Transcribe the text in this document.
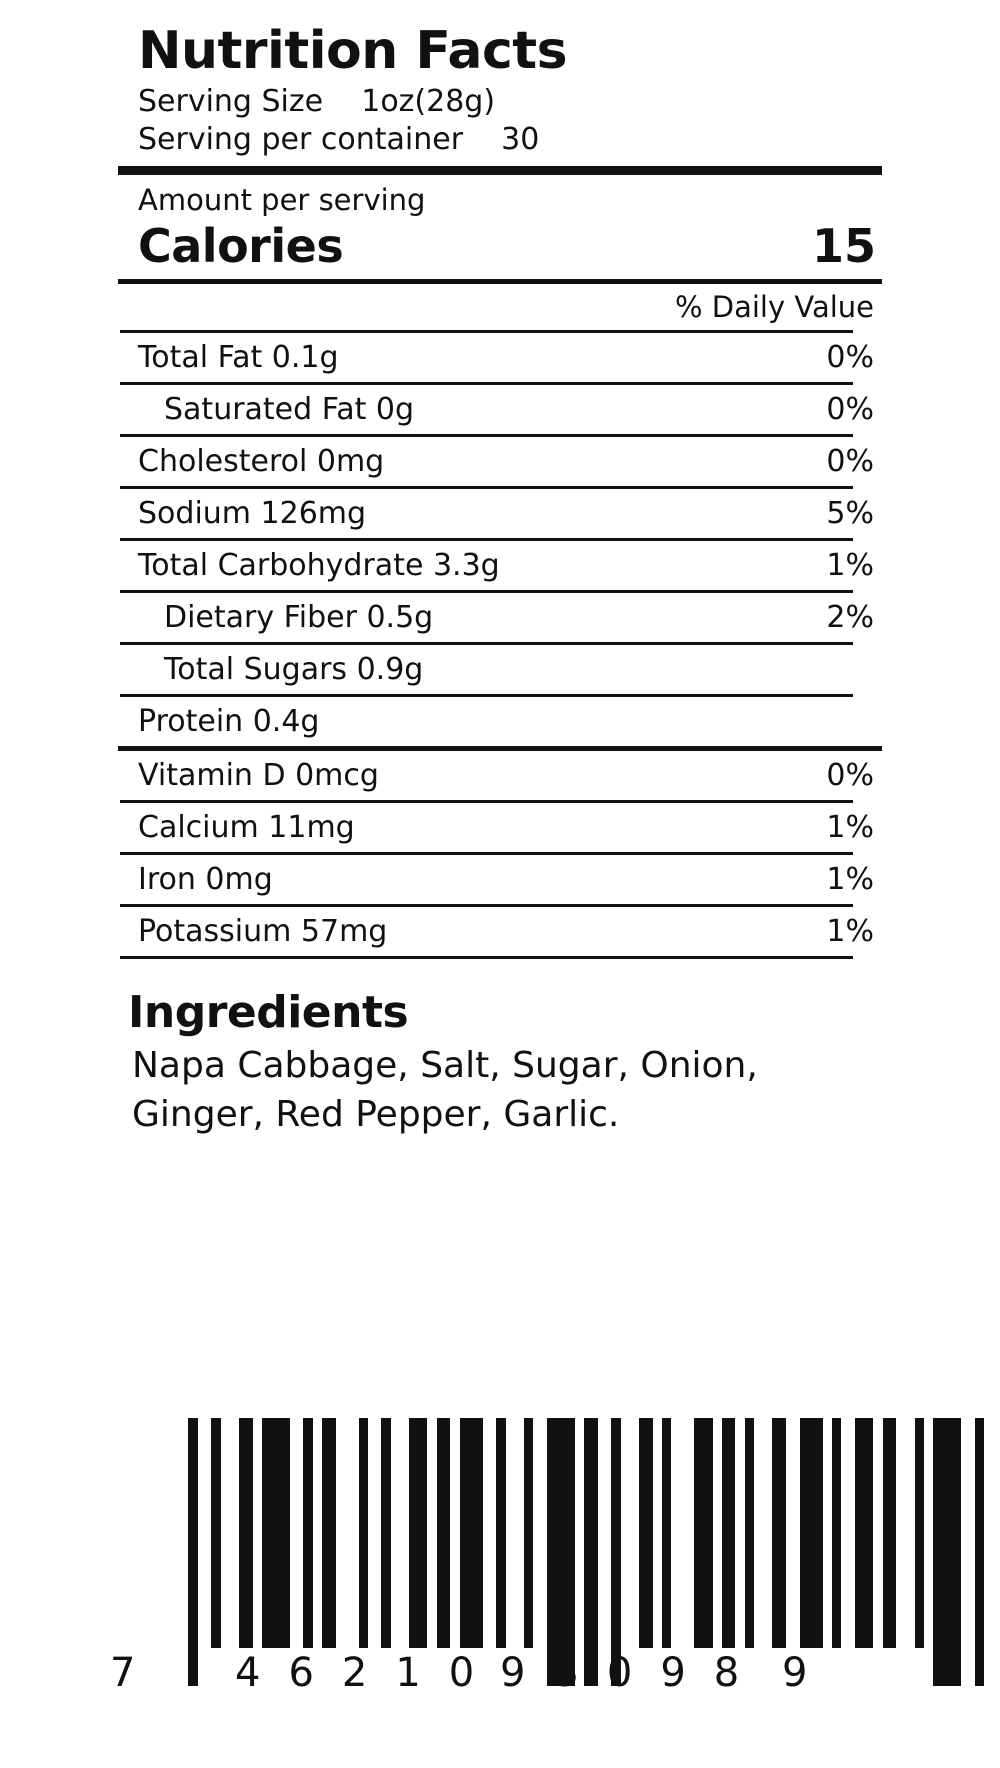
Nutrition Facts
Serving Size    1oz(28g)
Serving per container    30
Amount per serving
Calories	15
% Daily Value
Total Fat 0.1g	0%
Saturated Fat 0g	0%
Cholesterol 0mg	0%
Sodium 126mg	5%
Total Carbohydrate 3.3g	1%
Dietary Fiber 0.5g	2%
Total Sugars 0.9g
Protein 0.4g
Vitamin D 0mcg	0%
Calcium 11mg	1%
Iron 0mg	1%
Potassium 57mg	1%
Ingredients
Napa Cabbage, Salt, Sugar, Onion, Ginger, Red Pepper, Garlic.
7 46210
93098 9
